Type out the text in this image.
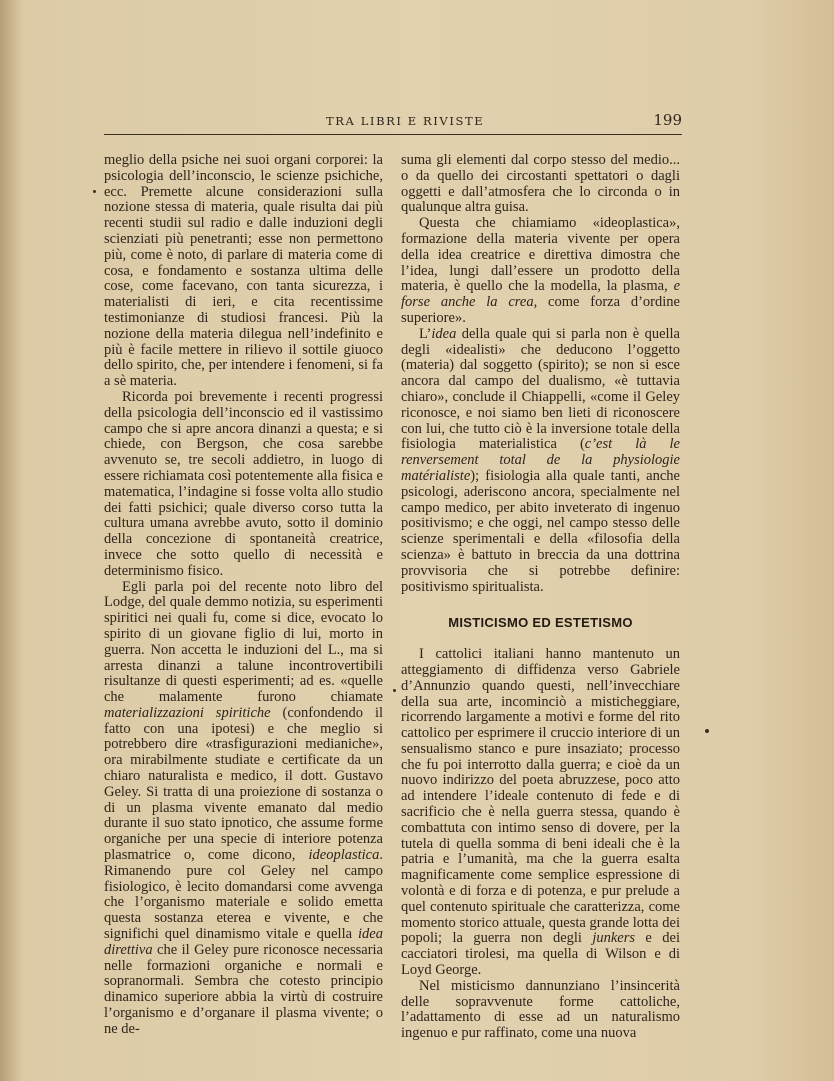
TRA LIBRI E RIVISTE	199

meglio della psiche nei suoi organi corporei: la psicologia dell’inconscio, le scienze psichiche, ecc. Premette alcune considerazioni sulla nozione stessa di materia, quale risulta dai più recenti studii sul radio e dalle induzioni degli scienziati più penetranti; esse non permettono più, come è noto, di parlare di materia come di cosa, e fondamento e sostanza ultima delle cose, come facevano, con tanta sicurezza, i materialisti di ieri, e cita recentissime testimonianze di studiosi francesi. Più la nozione della materia dilegua nell’indefinito e più è facile mettere in rilievo il sottile giuoco dello spirito, che, per intendere i fenomeni, si fa a sè materia.

Ricorda poi brevemente i recenti progressi della psicologia dell’inconscio ed il vastissimo campo che si apre ancora dinanzi a questa; e si chiede, con Bergson, che cosa sarebbe avvenuto se, tre secoli addietro, in luogo di essere richiamata così potentemente alla fisica e matematica, l’indagine si fosse volta allo studio dei fatti psichici; quale diverso corso tutta la cultura umana avrebbe avuto, sotto il dominio della concezione di spontaneità creatrice, invece che sotto quello di necessità e determinismo fisico.

Egli parla poi del recente noto libro del Lodge, del quale demmo notizia, su esperimenti spiritici nei quali fu, come si dice, evocato lo spirito di un giovane figlio di lui, morto in guerra. Non accetta le induzioni del L., ma si arresta dinanzi a talune incontrovertibili risultanze di questi esperimenti; ad es. «quelle che malamente furono chiamate materializzazioni spiritiche (confondendo il fatto con una ipotesi) e che meglio si potrebbero dire «trasfigurazioni medianiche», ora mirabilmente studiate e certificate da un chiaro naturalista e medico, il dott. Gustavo Geley. Si tratta di una proiezione di sostanza o di un plasma vivente emanato dal medio durante il suo stato ipnotico, che assume forme organiche per una specie di interiore potenza plasmatrice o, come dicono, ideoplastica. Rimanendo pure col Geley nel campo fisiologico, è lecito domandarsi come avvenga che l’organismo materiale e solido emetta questa sostanza eterea e vivente, e che significhi quel dinamismo vitale e quella idea direttiva che il Geley pure riconosce necessaria nelle formazioni organiche e normali e sopranormali. Sembra che cotesto principio dinamico superiore abbia la virtù di costruire l’organismo e d’organare il plasma vivente; o ne de-

suma gli elementi dal corpo stesso del medio... o da quello dei circostanti spettatori o dagli oggetti e dall’atmosfera che lo circonda o in qualunque altra guisa.

Questa che chiamiamo «ideoplastica», formazione della materia vivente per opera della idea creatrice e direttiva dimostra che l’idea, lungi dall’essere un prodotto della materia, è quello che la modella, la plasma, e forse anche la crea, come forza d’ordine superiore».

L’idea della quale qui si parla non è quella degli «idealisti» che deducono l’oggetto (materia) dal soggetto (spirito); se non si esce ancora dal campo del dualismo, «è tuttavia chiaro», conclude il Chiappelli, «come il Geley riconosce, e noi siamo ben lieti di riconoscere con lui, che tutto ciò è la inversione totale della fisiologia materialistica (c’est là le renversement total de la physiologie matérialiste); fisiologia alla quale tanti, anche psicologi, aderiscono ancora, specialmente nel campo medico, per abito inveterato di ingenuo positivismo; e che oggi, nel campo stesso delle scienze sperimentali e della «filosofia della scienza» è battuto in breccia da una dottrina provvisoria che si potrebbe definire: positivismo spiritualista.

MISTICISMO ED ESTETISMO

I cattolici italiani hanno mantenuto un atteggiamento di diffidenza verso Gabriele d’Annunzio quando questi, nell’invecchiare della sua arte, incominciò a misticheggiare, ricorrendo largamente a motivi e forme del rito cattolico per esprimere il cruccio interiore di un sensualismo stanco e pure insaziato; processo che fu poi interrotto dalla guerra; e cioè da un nuovo indirizzo del poeta abruzzese, poco atto ad intendere l’ideale contenuto di fede e di sacrificio che è nella guerra stessa, quando è combattuta con intimo senso di dovere, per la tutela di quella somma di beni ideali che è la patria e l’umanità, ma che la guerra esalta magnificamente come semplice espressione di volontà e di forza e di potenza, e pur prelude a quel contenuto spirituale che caratterizza, come momento storico attuale, questa grande lotta dei popoli; la guerra non degli junkers e dei cacciatori tirolesi, ma quella di Wilson e di Loyd George.

Nel misticismo dannunziano l’insincerità delle sopravvenute forme cattoliche, l’adattamento di esse ad un naturalismo ingenuo e pur raffinato, come una nuova
